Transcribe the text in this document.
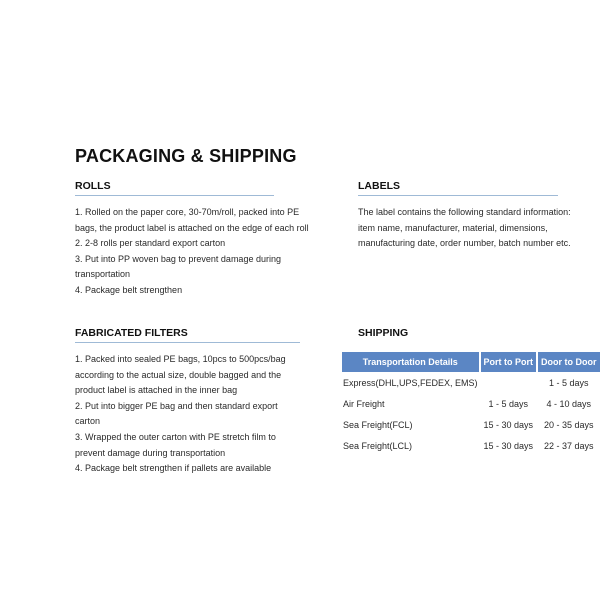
PACKAGING & SHIPPING
ROLLS

1. Rolled on the paper core, 30-70m/roll, packed into PE bags, the product label is attached on the edge of each roll

2. 2-8 rolls per standard export carton

3. Put into PP woven bag to prevent damage during transportation

4. Package belt strengthen

LABELS

The label contains the following standard information: item name, manufacturer, material, dimensions, manufacturing date, order number, batch number etc.

FABRICATED FILTERS

1. Packed into sealed PE bags, 10pcs to 500pcs/bag according to the actual size, double bagged and the product label is attached in the inner bag

2. Put into bigger PE bag and then standard export carton

3. Wrapped the outer carton with PE stretch film to prevent damage during transportation

4. Package belt strengthen if pallets are available

SHIPPING
Transportation Details	Port to Port	Door to Door
Express(DHL,UPS,FEDEX, EMS)		1 - 5 days
Air Freight	1 - 5 days	4 - 10 days
Sea Freight(FCL)	15 - 30 days	20 - 35 days
Sea Freight(LCL)	15 - 30 days	22 - 37 days
